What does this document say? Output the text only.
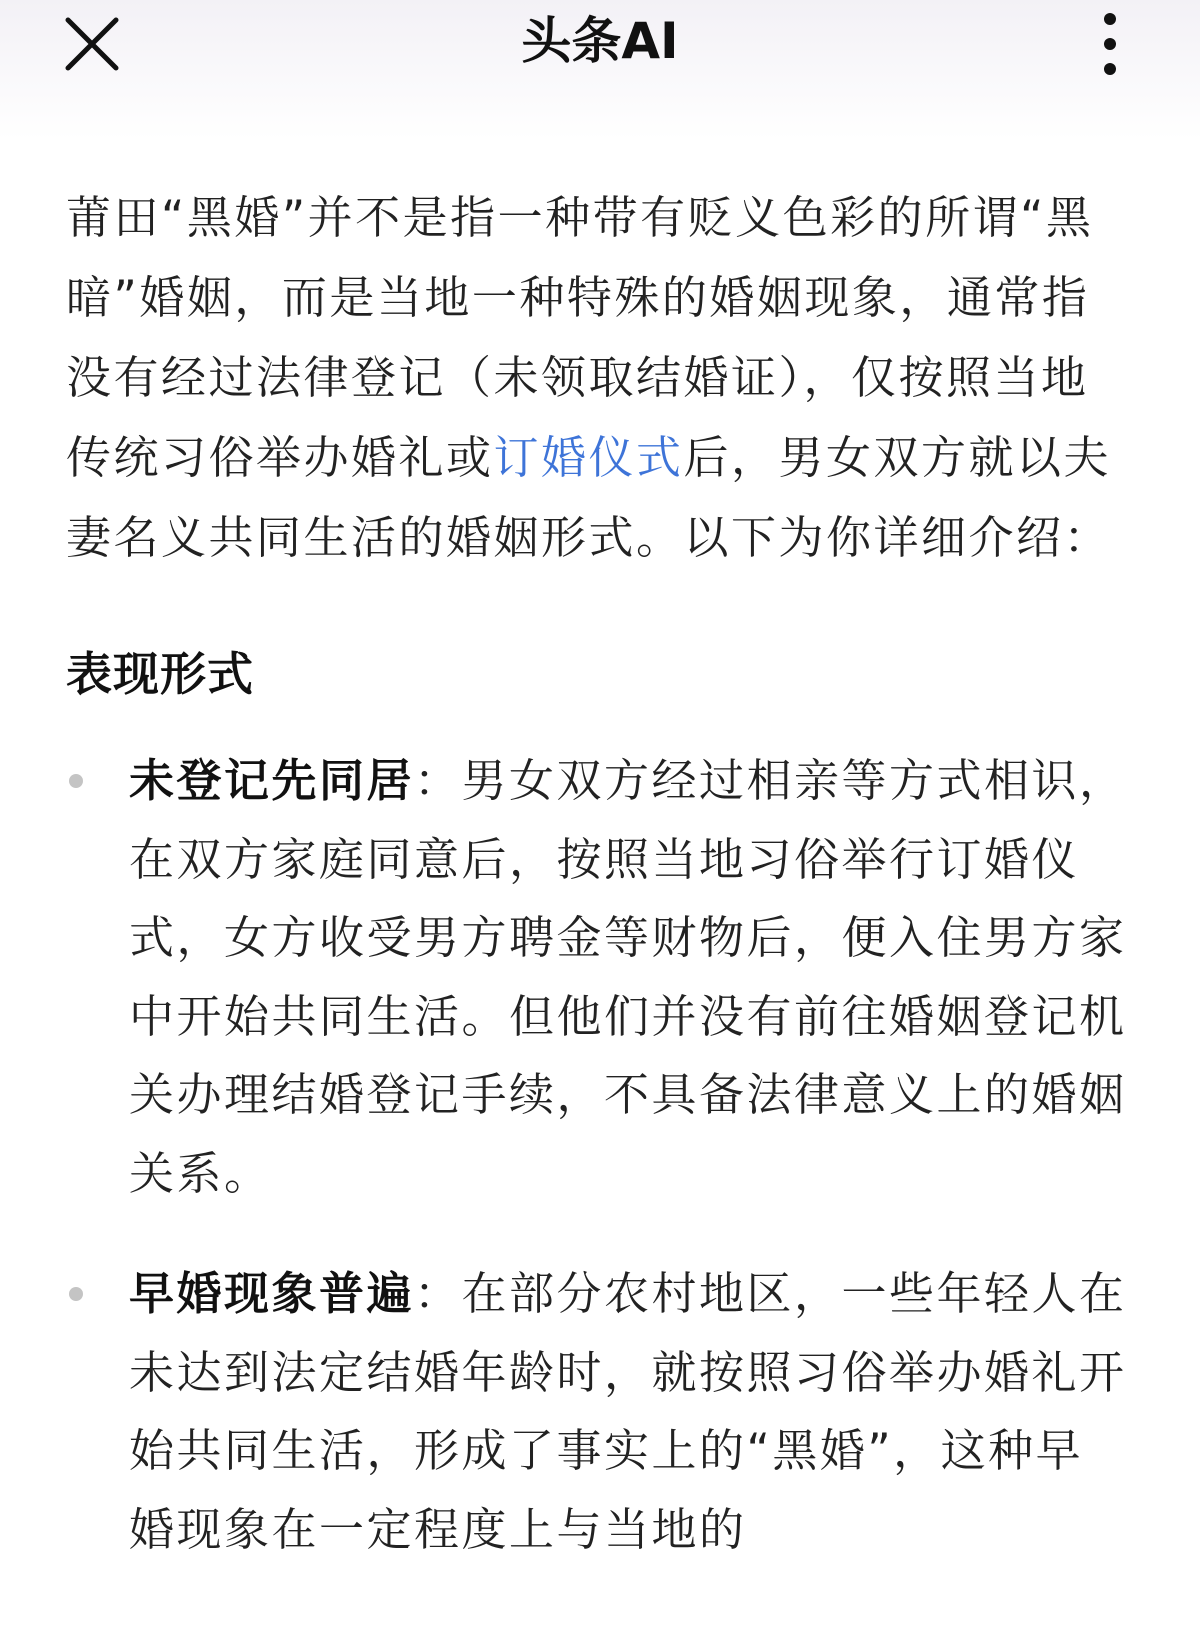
头条AI

莆田“黑婚”并不是指一种带有贬义色彩的所谓“黑暗”婚姻，而是当地一种特殊的婚姻现象，通常指没有经过法律登记（未领取结婚证），仅按照当地传统习俗举办婚礼或订婚仪式后，男女双方就以夫妻名义共同生活的婚姻形式。以下为你详细介绍：

表现形式
未登记先同居：男女双方经过相亲等方式相识，在双方家庭同意后，按照当地习俗举行订婚仪式，女方收受男方聘金等财物后，便入住男方家中开始共同生活。但他们并没有前往婚姻登记机关办理结婚登记手续，不具备法律意义上的婚姻关系。
早婚现象普遍：在部分农村地区，一些年轻人在未达到法定结婚年龄时，就按照习俗举办婚礼开始共同生活，形成了事实上的“黑婚”，这种早婚现象在一定程度上与当地的
